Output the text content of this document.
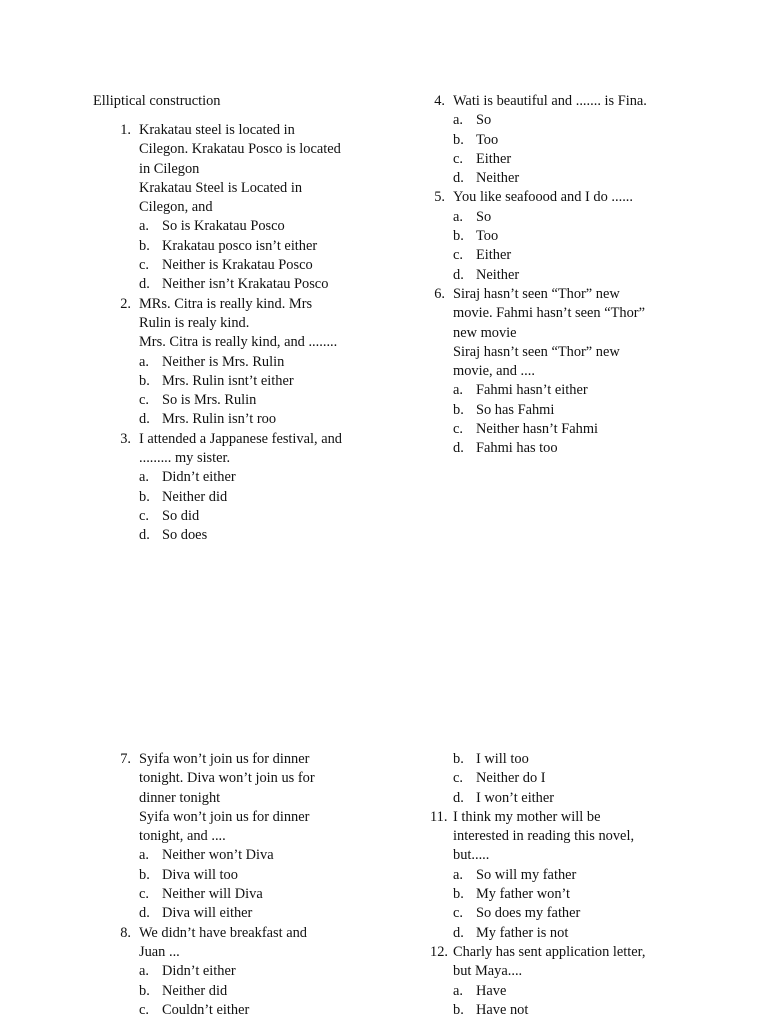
Elliptical construction
1. Krakatau steel is located in
Cilegon. Krakatau Posco is located
in Cilegon
Krakatau Steel is Located in
Cilegon, and
a. So is Krakatau Posco
b. Krakatau posco isn’t either
c. Neither is Krakatau Posco
d. Neither isn’t Krakatau Posco
2. MRs. Citra is really kind. Mrs
Rulin is realy kind.
Mrs. Citra is really kind, and ........
a. Neither is Mrs. Rulin
b. Mrs. Rulin isnt’t either
c. So is Mrs. Rulin
d. Mrs. Rulin isn’t roo
3. I attended a Jappanese festival, and
......... my sister.
a. Didn’t either
b. Neither did
c. So did
d. So does
4. Wati is beautiful and ....... is Fina.
a. So
b. Too
c. Either
d. Neither
5. You like seafoood and I do ......
a. So
b. Too
c. Either
d. Neither
6. Siraj hasn’t seen “Thor” new
movie. Fahmi hasn’t seen “Thor”
new movie
Siraj hasn’t seen “Thor” new
movie, and ....
a. Fahmi hasn’t either
b. So has Fahmi
c. Neither hasn’t Fahmi
d. Fahmi has too
7. Syifa won’t join us for dinner
tonight. Diva won’t join us for
dinner tonight
Syifa won’t join us for dinner
tonight, and ....
a. Neither won’t Diva
b. Diva will too
c. Neither will Diva
d. Diva will either
8. We didn’t have breakfast and
Juan ...
a. Didn’t either
b. Neither did
c. Couldn’t either
b. I will too
c. Neither do I
d. I won’t either
11. I think my mother will be
interested in reading this novel,
but.....
a. So will my father
b. My father won’t
c. So does my father
d. My father is not
12. Charly has sent application letter,
but Maya....
a. Have
b. Have not
